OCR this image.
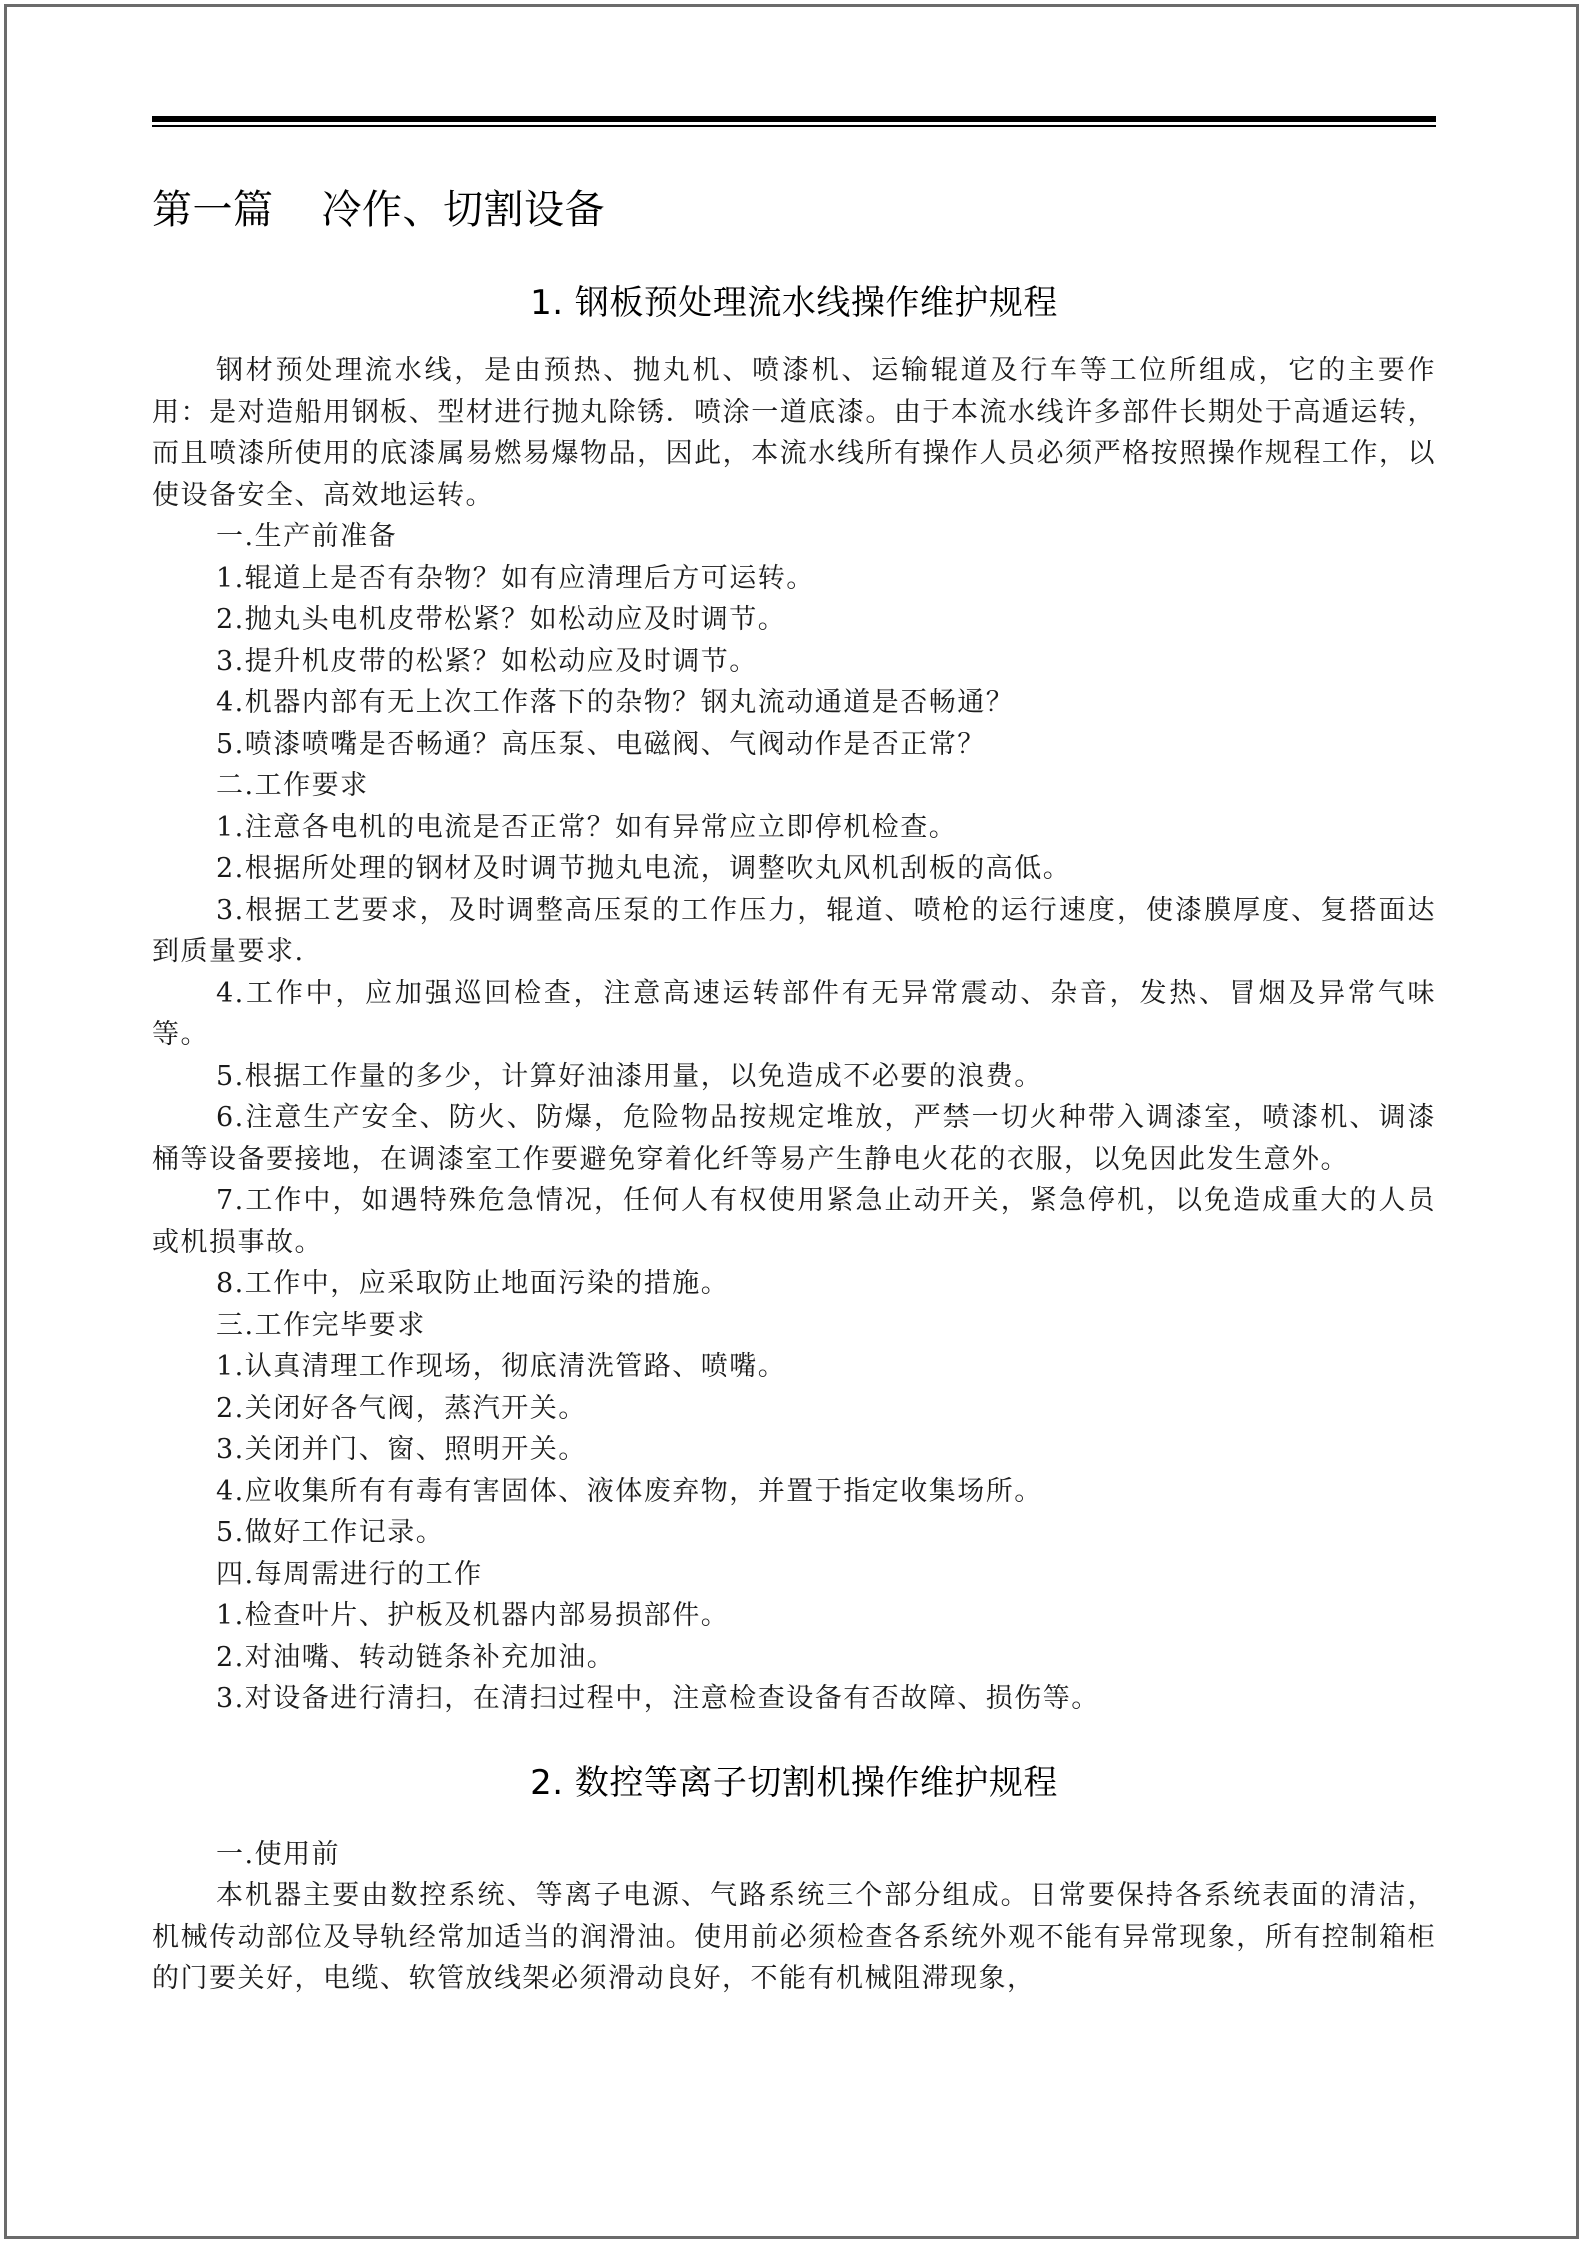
第一篇 冷作、切割设备
1. 钢板预处理流水线操作维护规程

钢材预处理流水线，是由预热、抛丸机、喷漆机、运输辊道及行车等工位所组成，它的主要作用：是对造船用钢板、型材进行抛丸除锈．喷涂一道底漆。由于本流水线许多部件长期处于高遁运转，而且喷漆所使用的底漆属易燃易爆物品，因此，本流水线所有操作人员必须严格按照操作规程工作，以使设备安全、高效地运转。

一.生产前准备

1.辊道上是否有杂物？如有应清理后方可运转。

2.抛丸头电机皮带松紧？如松动应及时调节。

3.提升机皮带的松紧？如松动应及时调节。

4.机器内部有无上次工作落下的杂物？钢丸流动通道是否畅通？

5.喷漆喷嘴是否畅通？高压泵、电磁阀、气阀动作是否正常？

二.工作要求

1.注意各电机的电流是否正常？如有异常应立即停机检查。

2.根据所处理的钢材及时调节抛丸电流，调整吹丸风机刮板的高低。

3.根据工艺要求，及时调整高压泵的工作压力，辊道、喷枪的运行速度，使漆膜厚度、复搭面达到质量要求.

4.工作中，应加强巡回检查，注意高速运转部件有无异常震动、杂音，发热、冒烟及异常气味等。

5.根据工作量的多少，计算好油漆用量，以免造成不必要的浪费。

6.注意生产安全、防火、防爆，危险物品按规定堆放，严禁一切火种带入调漆室，喷漆机、调漆桶等设备要接地，在调漆室工作要避免穿着化纤等易产生静电火花的衣服，以免因此发生意外。

7.工作中，如遇特殊危急情况，任何人有权使用紧急止动开关，紧急停机，以免造成重大的人员或机损事故。

8.工作中，应采取防止地面污染的措施。

三.工作完毕要求

1.认真清理工作现场，彻底清洗管路、喷嘴。

2.关闭好各气阀，蒸汽开关。

3.关闭并门、窗、照明开关。

4.应收集所有有毒有害固体、液体废弃物，并置于指定收集场所。

5.做好工作记录。

四.每周需进行的工作

1.检查叶片、护板及机器内部易损部件。

2.对油嘴、转动链条补充加油。

3.对设备进行清扫，在清扫过程中，注意检查设备有否故障、损伤等。

2. 数控等离子切割机操作维护规程

一.使用前

本机器主要由数控系统、等离子电源、气路系统三个部分组成。日常要保持各系统表面的清洁，机械传动部位及导轨经常加适当的润滑油。使用前必须检查各系统外观不能有异常现象，所有控制箱柜的门要关好，电缆、软管放线架必须滑动良好，不能有机械阻滞现象，
